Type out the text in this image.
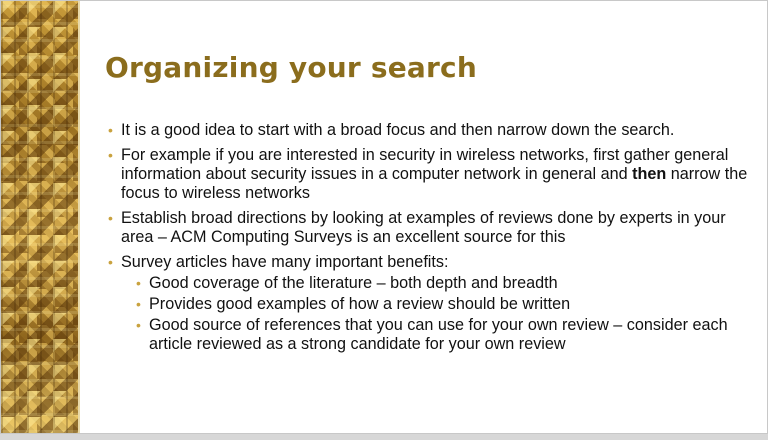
Organizing your search
• It is a good idea to start with a broad focus and then narrow down the search.
• For example if you are interested in security in wireless networks, first gather general information about security issues in a computer network in general and then narrow the focus to wireless networks
• Establish broad directions by looking at examples of reviews done by experts in your area – ACM Computing Surveys is an excellent source for this
• Survey articles have many important benefits:
• Good coverage of the literature – both depth and breadth
• Provides good examples of how a review should be written
• Good source of references that you can use for your own review – consider each article reviewed as a strong candidate for your own review
